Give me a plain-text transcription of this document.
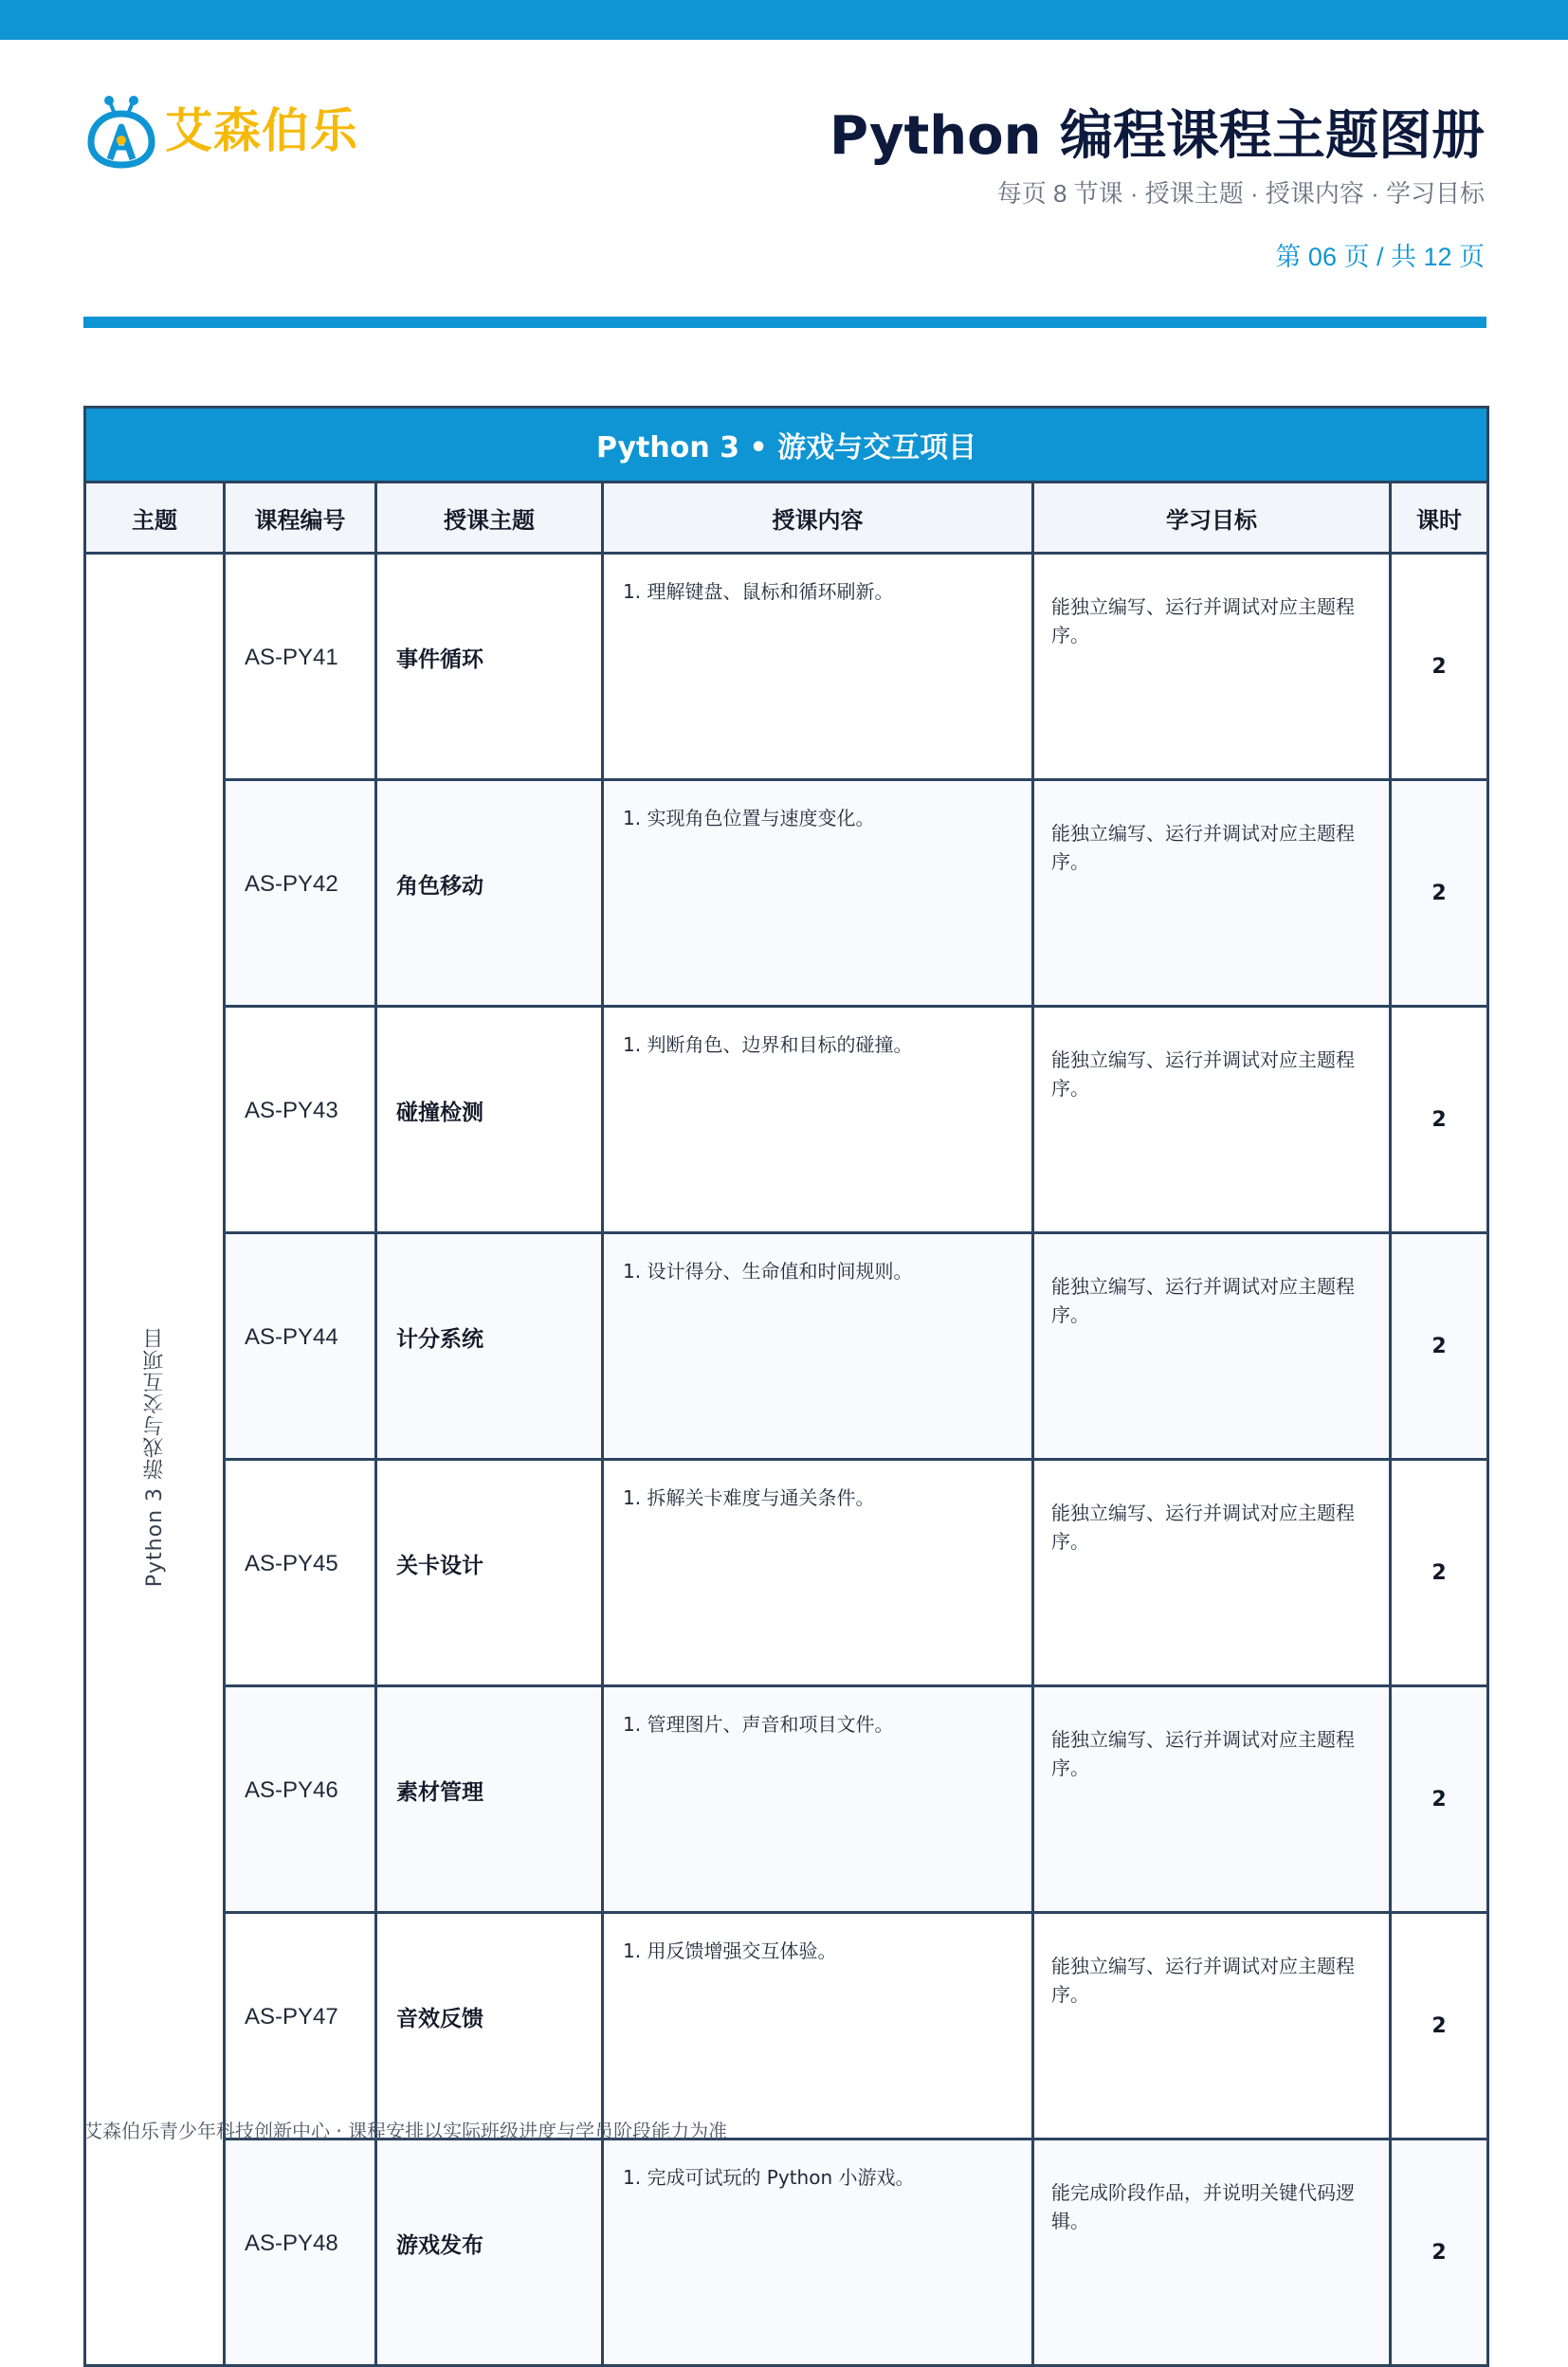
艾森伯乐	Python 编程课程主题图册
每页 8 节课 · 授课主题 · 授课内容 · 学习目标
第 06 页 / 共 12 页
Python 3 • 游戏与交互项目					
主题	课程编号	授课主题	授课内容	学习目标	课时
Python 3 游戏与交互项目	AS-PY41	事件循环	1. 理解键盘、鼠标和循环刷新。	能独立编写、运行并调试对应主题程序。	2
	AS-PY42	角色移动	1. 实现角色位置与速度变化。	能独立编写、运行并调试对应主题程序。	2
	AS-PY43	碰撞检测	1. 判断角色、边界和目标的碰撞。	能独立编写、运行并调试对应主题程序。	2
	AS-PY44	计分系统	1. 设计得分、生命值和时间规则。	能独立编写、运行并调试对应主题程序。	2
	AS-PY45	关卡设计	1. 拆解关卡难度与通关条件。	能独立编写、运行并调试对应主题程序。	2
	AS-PY46	素材管理	1. 管理图片、声音和项目文件。	能独立编写、运行并调试对应主题程序。	2
	AS-PY47	音效反馈	1. 用反馈增强交互体验。	能独立编写、运行并调试对应主题程序。	2
	AS-PY48	游戏发布	1. 完成可试玩的 Python 小游戏。	能完成阶段作品，并说明关键代码逻辑。	2
艾森伯乐青少年科技创新中心 · 课程安排以实际班级进度与学员阶段能力为准
